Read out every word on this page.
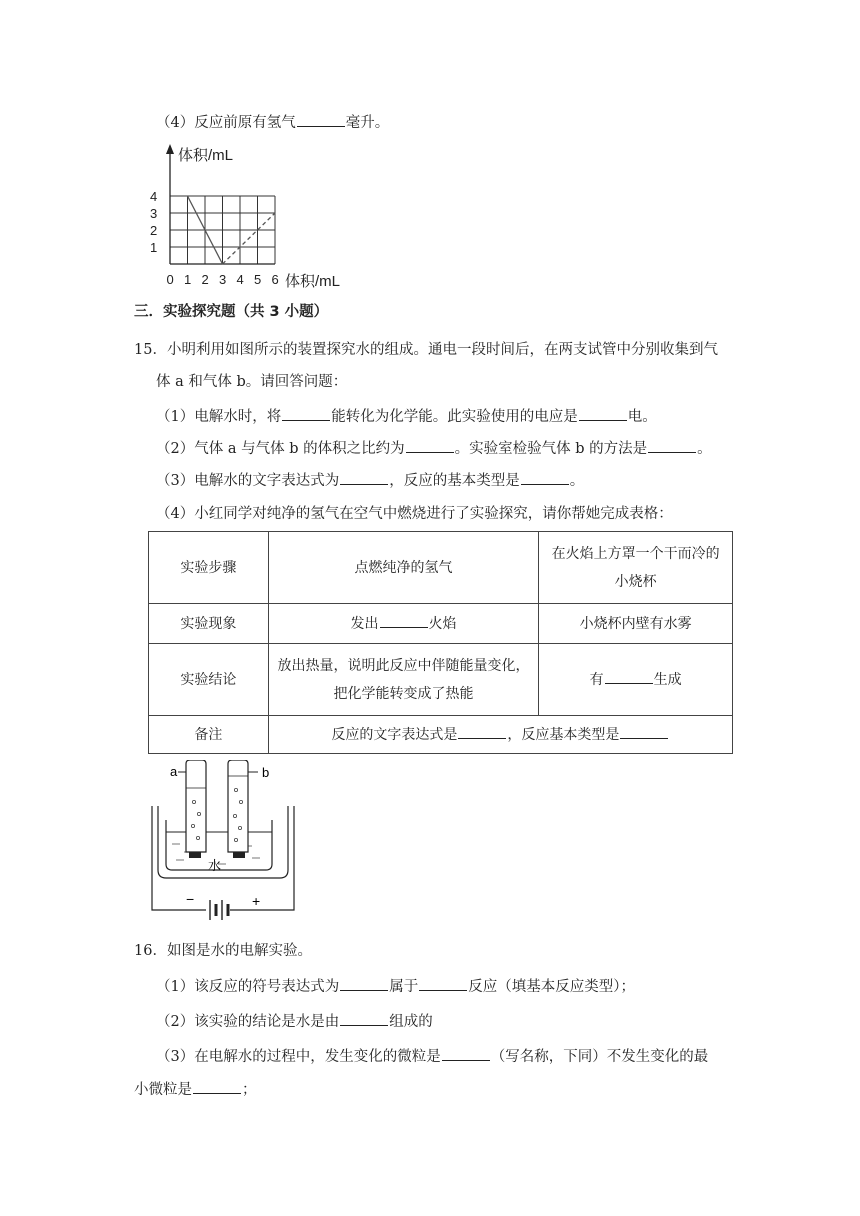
（4）反应前原有氢气	毫升。
0 1 2 3 4 5 6
1
2
3
4
体积/mL
体积/mL
三．实验探究题（共 3 小题）
15．小明利用如图所示的装置探究水的组成。通电一段时间后，在两支试管中分别收集到气
体 a 和气体 b。请回答问题：
（1）电解水时，将	能转化为化学能。此实验使用的电应是	电。
（2）气体 a 与气体 b 的体积之比约为	。实验室检验气体 b 的方法是	。
（3）电解水的文字表达式为	，反应的基本类型是	。
（4）小红同学对纯净的氢气在空气中燃烧进行了实验探究，请你帮她完成表格：
实验步骤	点燃纯净的氢气	在火焰上方罩一个干而冷的
小烧杯
实验现象	发出 火焰	小烧杯内壁有水雾
实验结论	放出热量，说明此反应中伴随能量变化，
把化学能转变成了热能	有 生成
备注	反应的文字表达式是 ，反应基本类型是	
a	b
水
−	+
16．如图是水的电解实验。
（1）该反应的符号表达式为	属于	反应（填基本反应类型）；
（2）该实验的结论是水是由	组成的
（3）在电解水的过程中，发生变化的微粒是	（写名称，下同）不发生变化的最
小微粒是	；
